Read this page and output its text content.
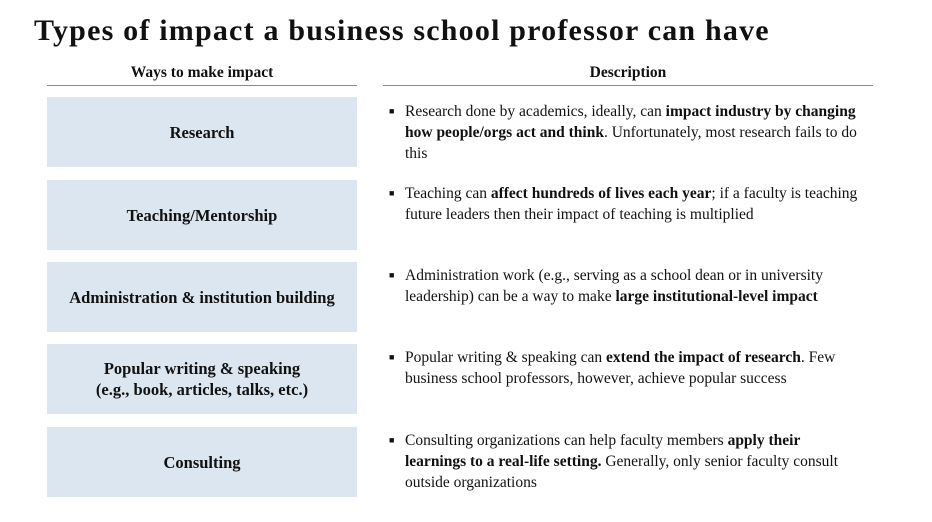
Types of impact a business school professor can have
Ways to make impact	Description
Research
■ Research done by academics, ideally, can impact industry by changing how people/orgs act and think. Unfortunately, most research fails to do this
Teaching/Mentorship
■ Teaching can affect hundreds of lives each year; if a faculty is teaching future leaders then their impact of teaching is multiplied
Administration & institution building
■ Administration work (e.g., serving as a school dean or in university leadership) can be a way to make large institutional-level impact
Popular writing & speaking
(e.g., book, articles, talks, etc.)
■ Popular writing & speaking can extend the impact of research. Few business school professors, however, achieve popular success
Consulting
■ Consulting organizations can help faculty members apply their learnings to a real-life setting. Generally, only senior faculty consult outside organizations
